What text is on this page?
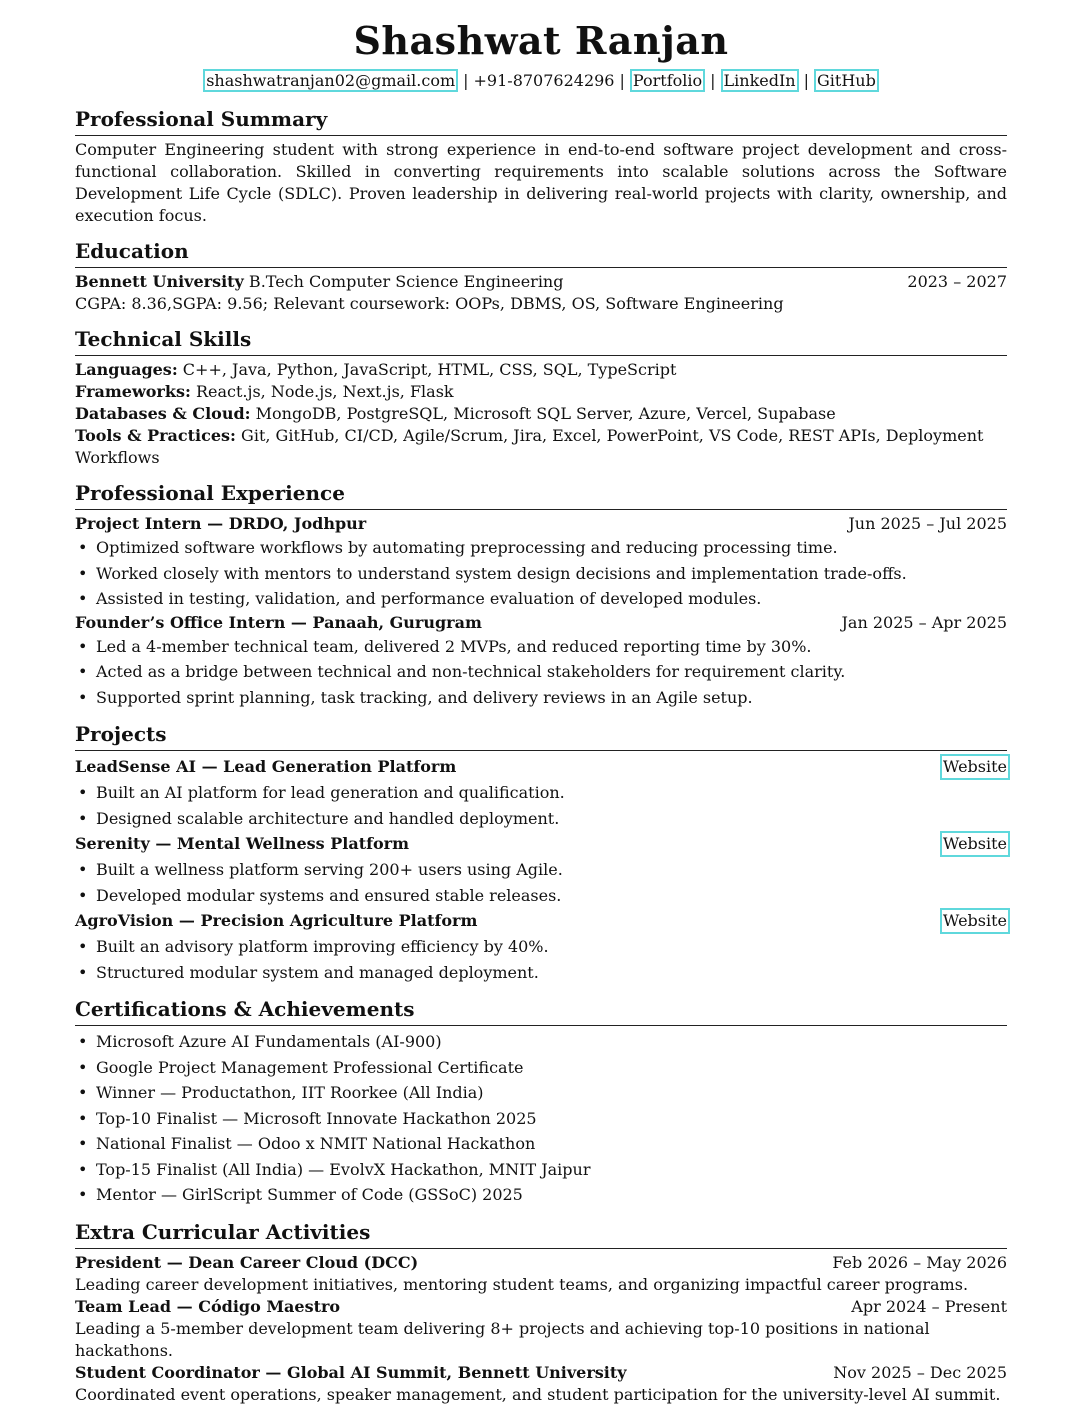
Shashwat Ranjan
shashwatranjan02@gmail.com | +91-8707624296 | Portfolio | LinkedIn | GitHub
Professional Summary
Computer Engineering student with strong experience in end-to-end software project development and cross-functional collaboration. Skilled in converting requirements into scalable solutions across the Software Development Life Cycle (SDLC). Proven leadership in delivering real-world projects with clarity, ownership, and execution focus.
Education
Bennett University B.Tech Computer Science Engineering	2023 – 2027
CGPA: 8.36,SGPA: 9.56; Relevant coursework: OOPs, DBMS, OS, Software Engineering
Technical Skills
Languages: C++, Java, Python, JavaScript, HTML, CSS, SQL, TypeScript
Frameworks: React.js, Node.js, Next.js, Flask
Databases & Cloud: MongoDB, PostgreSQL, Microsoft SQL Server, Azure, Vercel, Supabase
Tools & Practices: Git, GitHub, CI/CD, Agile/Scrum, Jira, Excel, PowerPoint, VS Code, REST APIs, Deployment Workflows
Professional Experience
Project Intern — DRDO, Jodhpur	Jun 2025 – Jul 2025
• Optimized software workflows by automating preprocessing and reducing processing time.
• Worked closely with mentors to understand system design decisions and implementation trade-offs.
• Assisted in testing, validation, and performance evaluation of developed modules.
Founder’s Office Intern — Panaah, Gurugram	Jan 2025 – Apr 2025
• Led a 4-member technical team, delivered 2 MVPs, and reduced reporting time by 30%.
• Acted as a bridge between technical and non-technical stakeholders for requirement clarity.
• Supported sprint planning, task tracking, and delivery reviews in an Agile setup.
Projects
LeadSense AI — Lead Generation Platform	Website
• Built an AI platform for lead generation and qualification.
• Designed scalable architecture and handled deployment.
Serenity — Mental Wellness Platform	Website
• Built a wellness platform serving 200+ users using Agile.
• Developed modular systems and ensured stable releases.
AgroVision — Precision Agriculture Platform	Website
• Built an advisory platform improving efficiency by 40%.
• Structured modular system and managed deployment.
Certifications & Achievements
• Microsoft Azure AI Fundamentals (AI-900)
• Google Project Management Professional Certificate
• Winner — Productathon, IIT Roorkee (All India)
• Top-10 Finalist — Microsoft Innovate Hackathon 2025
• National Finalist — Odoo x NMIT National Hackathon
• Top-15 Finalist (All India) — EvolvX Hackathon, MNIT Jaipur
• Mentor — GirlScript Summer of Code (GSSoC) 2025
Extra Curricular Activities
President — Dean Career Cloud (DCC)	Feb 2026 – May 2026
Leading career development initiatives, mentoring student teams, and organizing impactful career programs.
Team Lead — Código Maestro	Apr 2024 – Present
Leading a 5-member development team delivering 8+ projects and achieving top-10 positions in national hackathons.
Student Coordinator — Global AI Summit, Bennett University	Nov 2025 – Dec 2025
Coordinated event operations, speaker management, and student participation for the university-level AI summit.
